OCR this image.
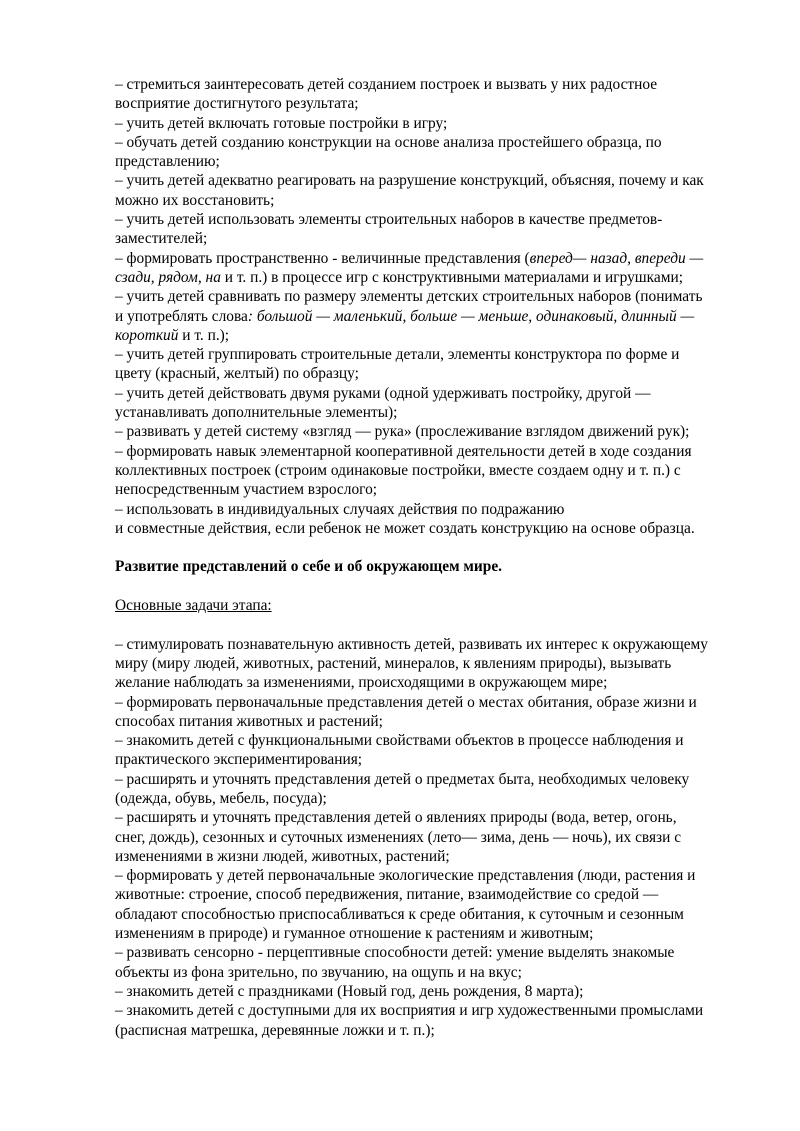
– стремиться заинтересовать детей созданием построек и вызвать у них радостное
восприятие достигнутого результата;

– учить детей включать готовые постройки в игру;

– обучать детей созданию конструкции на основе анализа простейшего образца, по
представлению;

– учить детей адекватно реагировать на разрушение конструкций, объясняя, почему и как
можно их восстановить;

– учить детей использовать элементы строительных наборов в качестве предметов-
заместителей;

– формировать пространственно - величинные представления (вперед— назад, впереди —
сзади, рядом, на и т. п.) в процессе игр с конструктивными материалами и игрушками;

– учить детей сравнивать по размеру элементы детских строительных наборов (понимать
и употреблять слова: большой — маленький, больше — меньше, одинаковый, длинный —
короткий и т. п.);

– учить детей группировать строительные детали, элементы конструктора по форме и
цвету (красный, желтый) по образцу;

– учить детей действовать двумя руками (одной удерживать постройку, другой —
устанавливать дополнительные элементы);

– развивать у детей систему «взгляд — рука» (прослеживание взглядом движений рук);

– формировать навык элементарной кооперативной деятельности детей в ходе создания
коллективных построек (строим одинаковые постройки, вместе создаем одну и т. п.) с
непосредственным участием взрослого;

– использовать в индивидуальных случаях действия по подражанию
и совместные действия, если ребенок не может создать конструкцию на основе образца.

Развитие представлений о себе и об окружающем мире.

Основные задачи этапа:

– стимулировать познавательную активность детей, развивать их интерес к окружающему
миру (миру людей, животных, растений, минералов, к явлениям природы), вызывать
желание наблюдать за изменениями, происходящими в окружающем мире;

– формировать первоначальные представления детей о местах обитания, образе жизни и
способах питания животных и растений;

– знакомить детей с функциональными свойствами объектов в процессе наблюдения и
практического экспериментирования;

– расширять и уточнять представления детей о предметах быта, необходимых человеку
(одежда, обувь, мебель, посуда);

– расширять и уточнять представления детей о явлениях природы (вода, ветер, огонь,
снег, дождь), сезонных и суточных изменениях (лето— зима, день — ночь), их связи с
изменениями в жизни людей, животных, растений;

– формировать у детей первоначальные экологические представления (люди, растения и
животные: строение, способ передвижения, питание, взаимодействие со средой —
обладают способностью приспосабливаться к среде обитания, к суточным и сезонным
изменениям в природе) и гуманное отношение к растениям и животным;

– развивать сенсорно - перцептивные способности детей: умение выделять знакомые
объекты из фона зрительно, по звучанию, на ощупь и на вкус;

– знакомить детей с праздниками (Новый год, день рождения, 8 марта);

– знакомить детей с доступными для их восприятия и игр художественными промыслами
(расписная матрешка, деревянные ложки и т. п.);
